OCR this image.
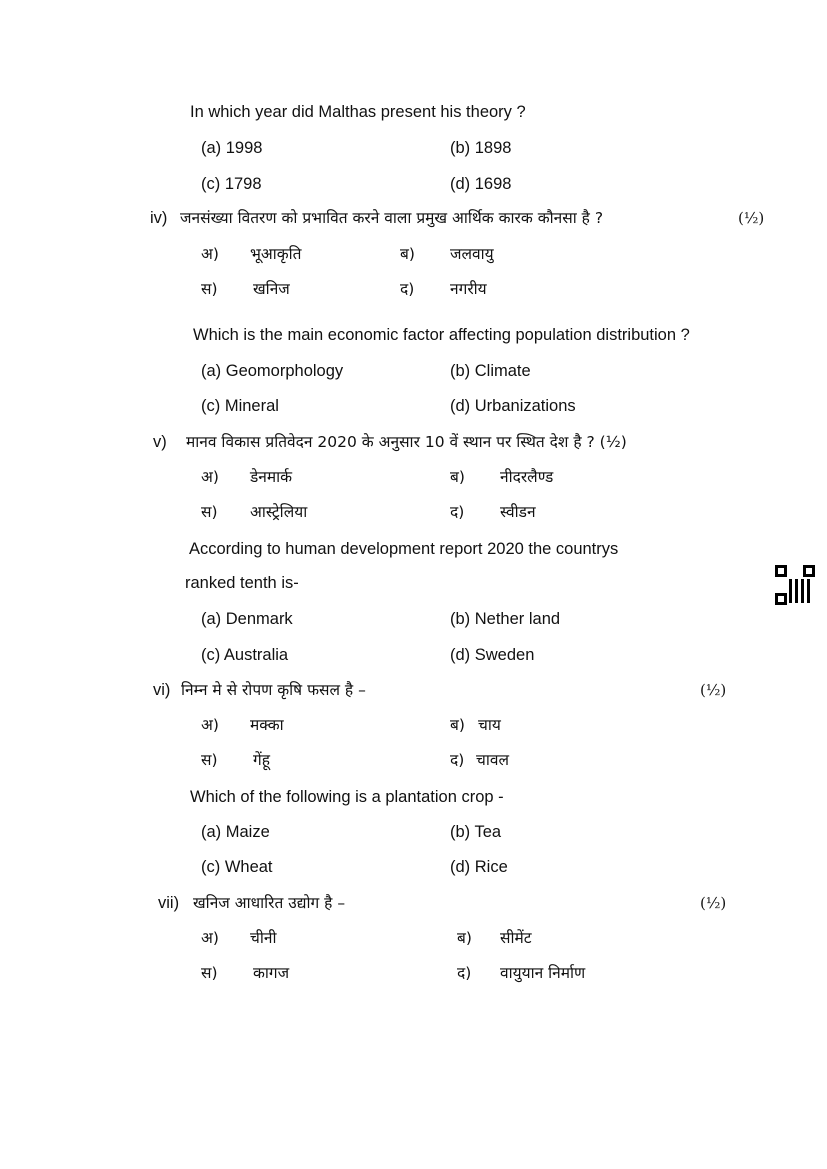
In which year did Malthas present his theory ?
(a) 1998	(b) 1898
(c) 1798	(d) 1698
iv) जनसंख्या वितरण को प्रभावित करने वाला प्रमुख आर्थिक कारक कौनसा है ?	(½)
अ) भूआकृति	ब) जलवायु
स) खनिज	द) नगरीय
Which is the main economic factor affecting population distribution ?
(a) Geomorphology	(b) Climate
(c) Mineral	(d) Urbanizations
v) मानव विकास प्रतिवेदन 2020 के अनुसार 10 वें स्थान पर स्थित देश है ? (½)
अ) डेनमार्क	ब) नीदरलैण्ड
स) आस्ट्रेलिया	द) स्वीडन
According to human development report 2020 the countrys
ranked tenth is-
(a) Denmark	(b) Nether land
(c) Australia	(d) Sweden
vi) निम्न मे से रोपण कृषि फसल है –	(½)
अ) मक्का	ब) चाय
स) गेंहू	द) चावल
Which of the following is a plantation crop -
(a) Maize	(b) Tea
(c) Wheat	(d) Rice
vii) खनिज आधारित उद्योग है –	(½)
अ) चीनी	ब) सीमेंट
स) कागज	द) वायुयान निर्माण
